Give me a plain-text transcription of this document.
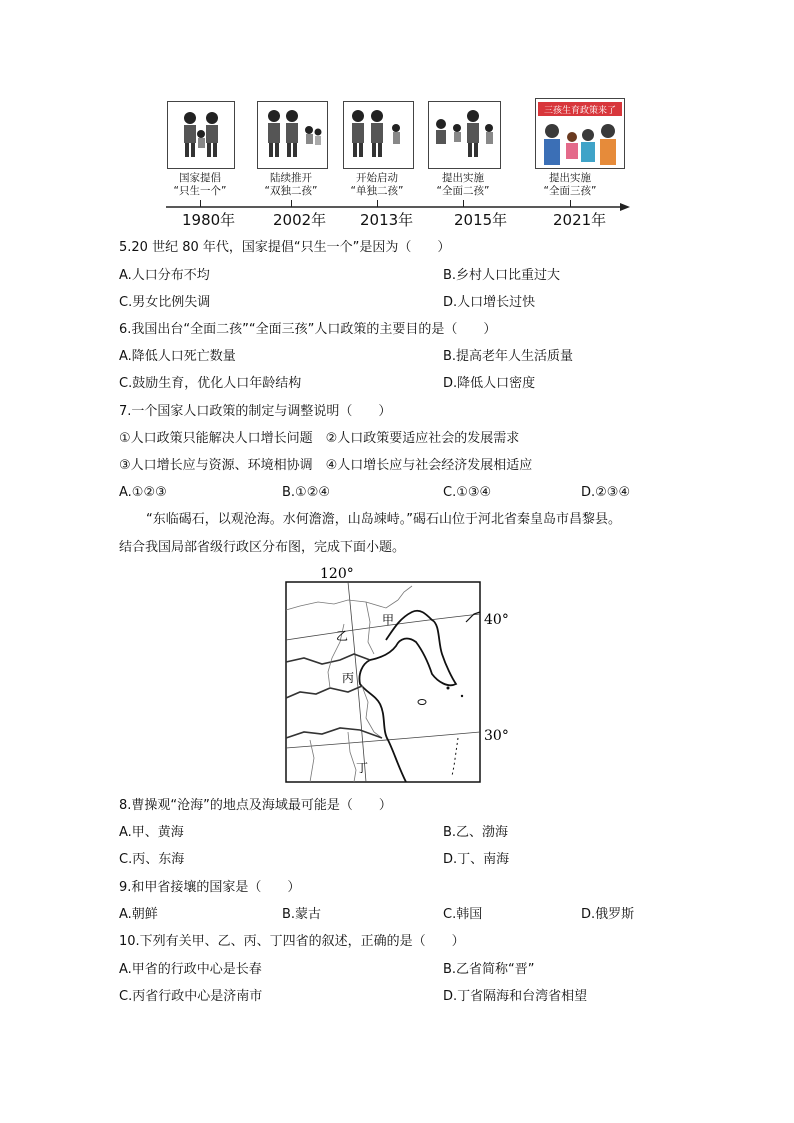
三孩生育政策来了
国家提倡
“只生一个”
陆续推开
“双独二孩”
开始启动
“单独二孩”
提出实施
“全面二孩”
提出实施
“全面三孩”
1980年	2002年 2013年	2015年	2021年
5.20 世纪 80 年代，国家提倡“只生一个”是因为（　　）
A.人口分布不均	B.乡村人口比重过大
C.男女比例失调	D.人口增长过快
6.我国出台“全面二孩”“全面三孩”人口政策的主要目的是（　　）
A.降低人口死亡数量	B.提高老年人生活质量
C.鼓励生育，优化人口年龄结构	D.降低人口密度
7.一个国家人口政策的制定与调整说明（　　）
①人口政策只能解决人口增长问题　②人口政策要适应社会的发展需求
③人口增长应与资源、环境相协调　④人口增长应与社会经济发展相适应
A.①②③	B.①②④	C.①③④	D.②③④
“东临碣石，以观沧海。水何澹澹，山岛竦峙。”碣石山位于河北省秦皇岛市昌黎县。
结合我国局部省级行政区分布图，完成下面小题。
120°
40°
30°
甲
乙
丙
丁
8.曹操观“沧海”的地点及海域最可能是（　　）
A.甲、黄海	B.乙、渤海
C.丙、东海	D.丁、南海
9.和甲省接壤的国家是（　　）
A.朝鲜	B.蒙古	C.韩国	D.俄罗斯
10.下列有关甲、乙、丙、丁四省的叙述，正确的是（　　）
A.甲省的行政中心是长春	B.乙省简称“晋”
C.丙省行政中心是济南市	D.丁省隔海和台湾省相望
